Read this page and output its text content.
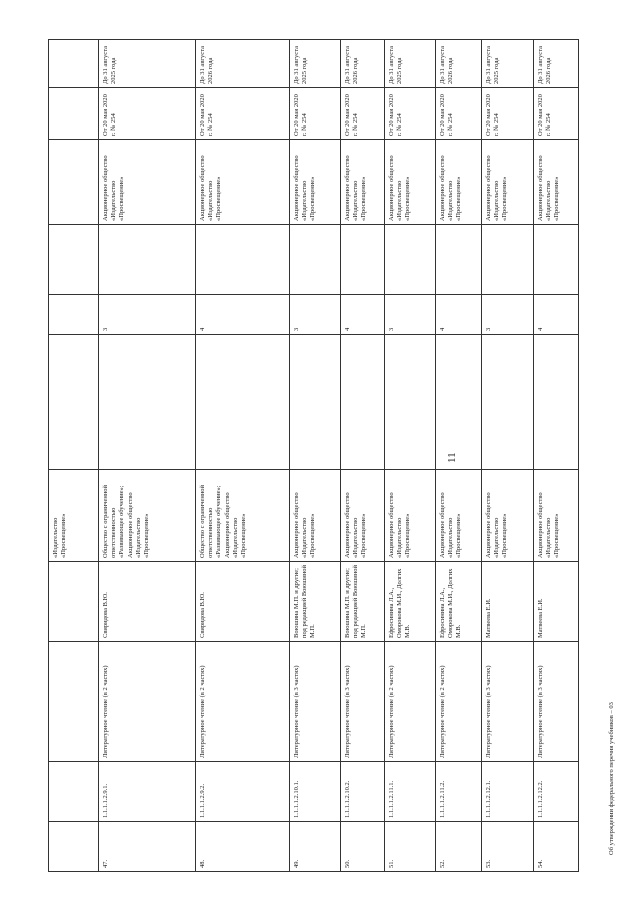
11

				«Издательство «Просвещение»						

47.	1.1.1.1.2.9.1.	Литературное чтение (в 2 частях)	Свиридова В.Ю.	Общество с ограниченной ответственностью «Развивающее обучение»; Акционерное общество «Издательство «Просвещение»		3		Акционерное общество «Издательство «Просвещение»	От 20 мая 2020 г. № 254	До 31 августа 2025 года

48.	1.1.1.1.2.9.2.	Литературное чтение (в 2 частях)	Свиридова В.Ю.	Общество с ограниченной ответственностью «Развивающее обучение»; Акционерное общество «Издательство «Просвещение»		4		Акционерное общество «Издательство «Просвещение»	От 20 мая 2020 г. № 254	До 31 августа 2026 года

49.	1.1.1.1.2.10.1.	Литературное чтение (в 3 частях)	Воюшина М.П. и другие; под редакцией Воюшиной М.П.	Акционерное общество «Издательство «Просвещение»		3		Акционерное общество «Издательство «Просвещение»	От 20 мая 2020 г. № 254	До 31 августа 2025 года

50.	1.1.1.1.2.10.2.	Литературное чтение (в 3 частях)	Воюшина М.П. и другие; под редакцией Воюшиной М.П.	Акционерное общество «Издательство «Просвещение»		4		Акционерное общество «Издательство «Просвещение»	От 20 мая 2020 г. № 254	До 31 августа 2026 года

51.	1.1.1.1.2.11.1.	Литературное чтение (в 2 частях)	Ефросинина Л.А., Оморокова М.И., Долгих М.В.	Акционерное общество «Издательство «Просвещение»		3		Акционерное общество «Издательство «Просвещение»	От 20 мая 2020 г. № 254	До 31 августа 2025 года

52.	1.1.1.1.2.11.2.	Литературное чтение (в 2 частях)	Ефросинина Л.А., Оморокова М.И., Долгих М.В.	Акционерное общество «Издательство «Просвещение»		4		Акционерное общество «Издательство «Просвещение»	От 20 мая 2020 г. № 254	До 31 августа 2026 года

53.	1.1.1.1.2.12.1.	Литературное чтение (в 3 частях)	Матвеева Е.И.	Акционерное общество «Издательство «Просвещение»		3		Акционерное общество «Издательство «Просвещение»	От 20 мая 2020 г. № 254	До 31 августа 2025 года

54.	1.1.1.1.2.12.2.	Литературное чтение (в 3 частях)	Матвеева Е.И.	Акционерное общество «Издательство «Просвещение»		4		Акционерное общество «Издательство «Просвещение»	От 20 мая 2020 г. № 254	До 31 августа 2026 года
Об утверждении федерального перечня учебников – 03
